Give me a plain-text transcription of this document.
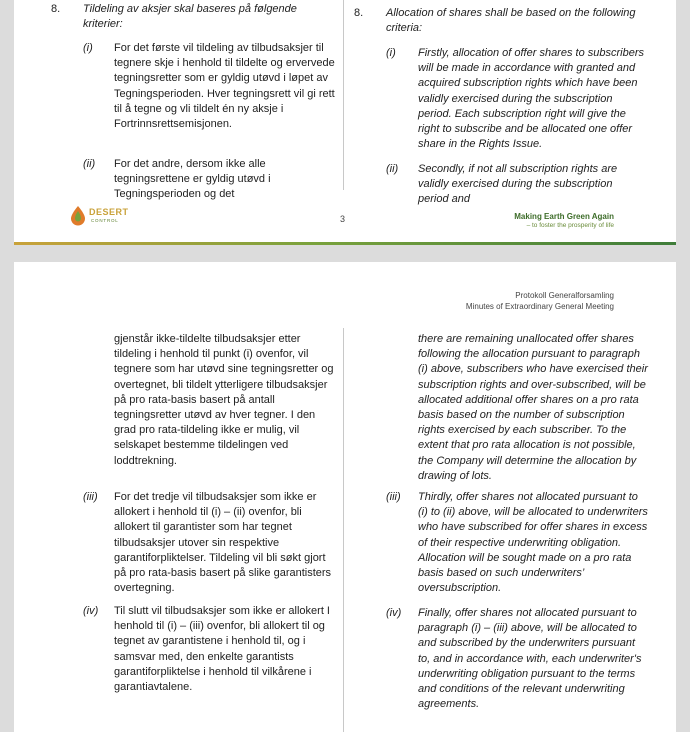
8. Tildeling av aksjer skal baseres på følgende kriterier:
8. Allocation of shares shall be based on the following criteria:
(i) For det første vil tildeling av tilbudsaksjer til tegnere skje i henhold til tildelte og ervervede tegningsretter som er gyldig utøvd i løpet av Tegningsperioden. Hver tegningsrett vil gi rett til å tegne og vli tildelt én ny aksje i Fortrinnsrettsemisjonen.
(i) Firstly, allocation of offer shares to subscribers will be made in accordance with granted and acquired subscription rights which have been validly exercised during the subscription period. Each subscription right will give the right to subscribe and be allocated one offer share in the Rights Issue.
(ii) For det andre, dersom ikke alle tegningsrettene er gyldig utøvd i Tegningsperioden og det
(ii) Secondly, if not all subscription rights are validly exercised during the subscription period and
DESERT
CONTROL	3	Making Earth Green Again
– to foster the prosperity of life
Protokoll Generalforsamling
Minutes of Extraordinary General Meeting
gjenstår ikke-tildelte tilbudsaksjer etter tildeling i henhold til punkt (i) ovenfor, vil tegnere som har utøvd sine tegningsretter og overtegnet, bli tildelt ytterligere tilbudsaksjer på pro rata-basis basert på antall tegningsretter utøvd av hver tegner. I den grad pro rata-tildeling ikke er mulig, vil selskapet bestemme tildelingen ved loddtrekning.
there are remaining unallocated offer shares following the allocation pursuant to paragraph (i) above, subscribers who have exercised their subscription rights and over-subscribed, will be allocated additional offer shares on a pro rata basis based on the number of subscription rights exercised by each subscriber. To the extent that pro rata allocation is not possible, the Company will determine the allocation by drawing of lots.
(iii) For det tredje vil tilbudsaksjer som ikke er allokert i henhold til (i) – (ii) ovenfor, bli allokert til garantister som har tegnet tilbudsaksjer utover sin respektive garantiforpliktelser. Tildeling vil bli søkt gjort på pro rata-basis basert på slike garantisters overtegning.
(iii) Thirdly, offer shares not allocated pursuant to (i) to (ii) above, will be allocated to underwriters who have subscribed for offer shares in excess of their respective underwriting obligation. Allocation will be sought made on a pro rata basis based on such underwriters’ oversubscription.
(iv) Til slutt vil tilbudsaksjer som ikke er allokert I henhold til (i) – (iii) ovenfor, bli allokert til og tegnet av garantistene i henhold til, og i samsvar med, den enkelte garantists garantiforpliktelse i henhold til vilkårene i garantiavtalene.
(iv) Finally, offer shares not allocated pursuant to paragraph (i) – (iii) above, will be allocated to and subscribed by the underwriters pursuant to, and in accordance with, each underwriter's underwriting obligation pursuant to the terms and conditions of the relevant underwriting agreements.
